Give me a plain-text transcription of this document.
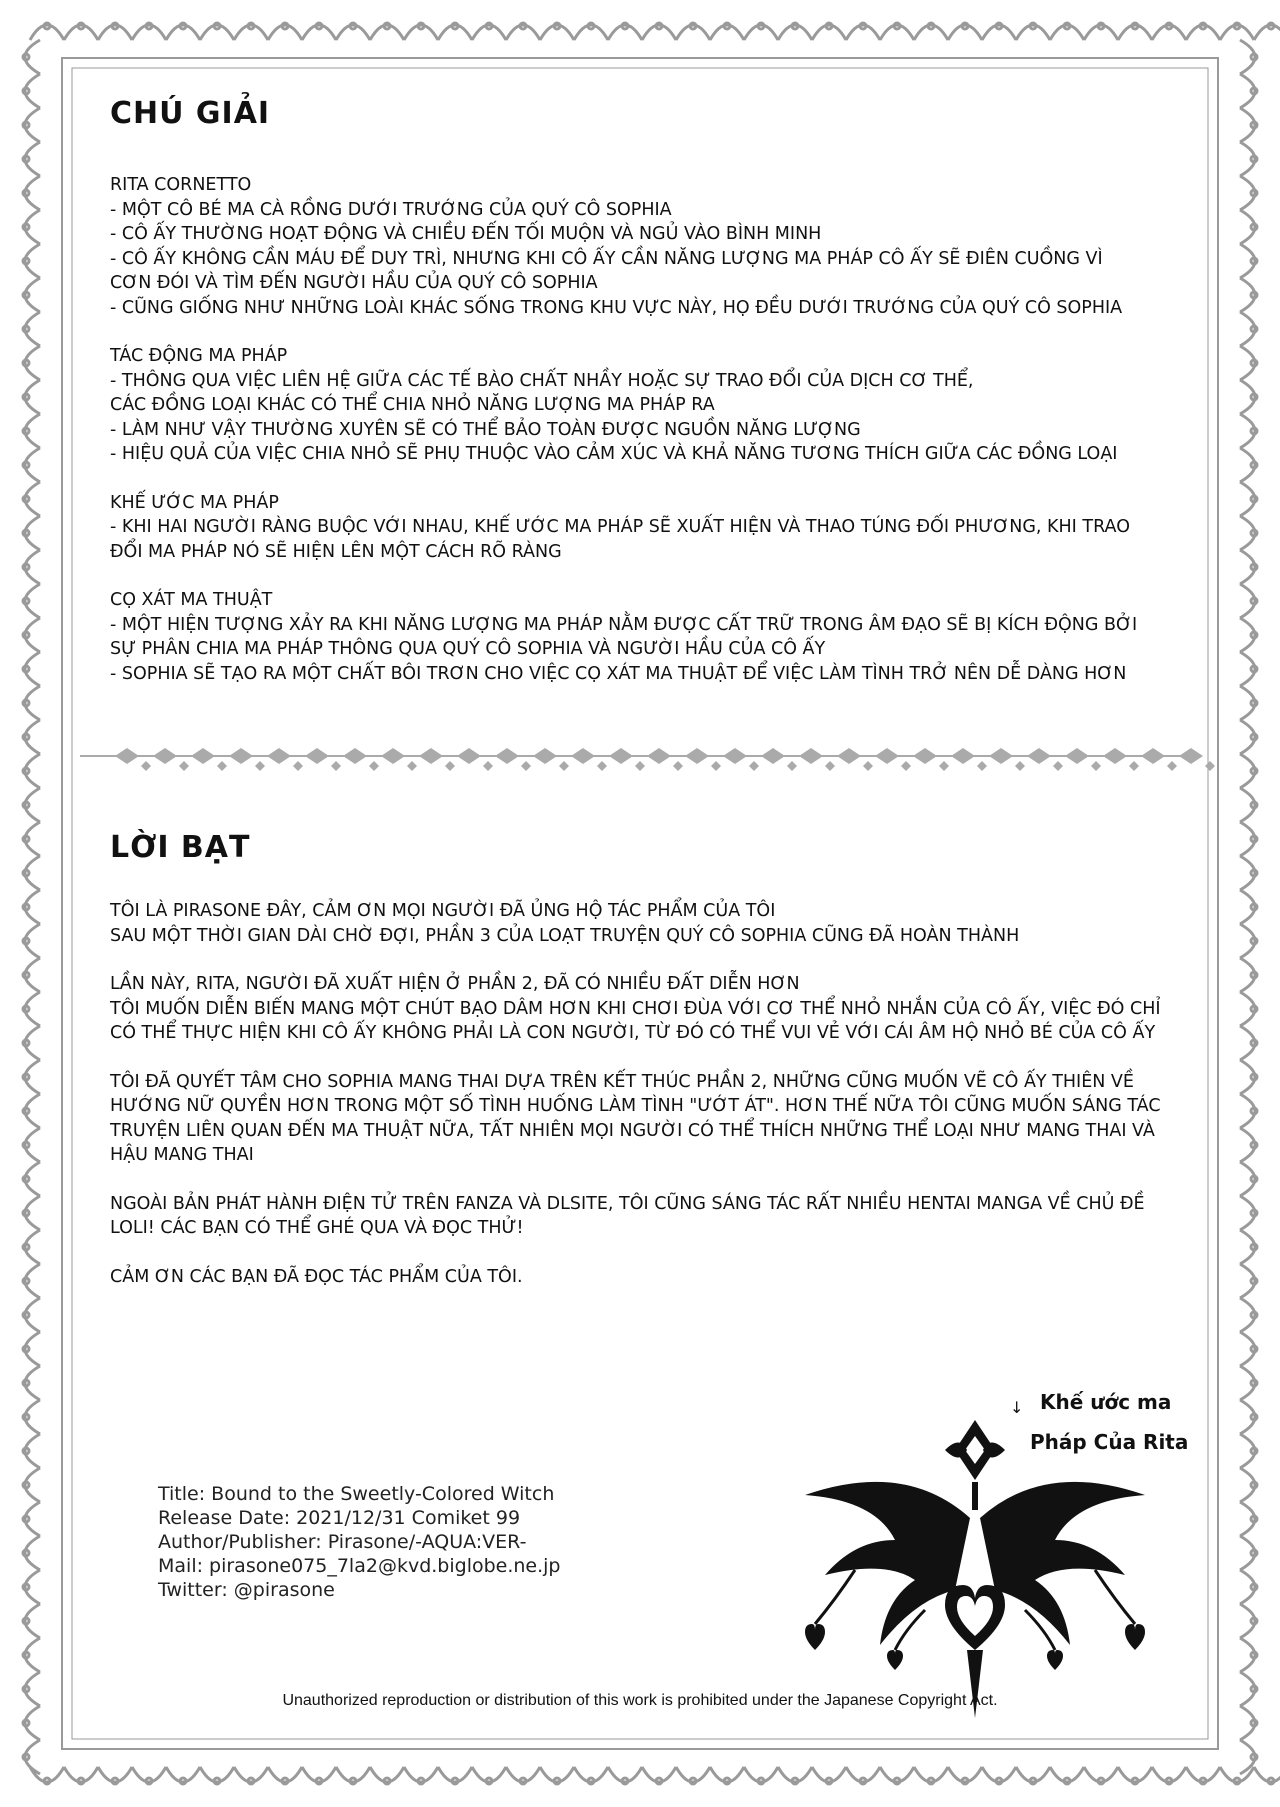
CHÚ GIẢI
RITA CORNETTO
- MỘT CÔ BÉ MA CÀ RỒNG DƯỚI TRƯỚNG CỦA QUÝ CÔ SOPHIA
- CÔ ẤY THƯỜNG HOẠT ĐỘNG VÀ CHIỀU ĐẾN TỐI MUỘN VÀ NGỦ VÀO BÌNH MINH
- CÔ ẤY KHÔNG CẦN MÁU ĐỂ DUY TRÌ, NHƯNG KHI CÔ ẤY CẦN NĂNG LƯỢNG MA PHÁP CÔ ẤY SẼ ĐIÊN CUỒNG VÌ
CƠN ĐÓI VÀ TÌM ĐẾN NGƯỜI HẦU CỦA QUÝ CÔ SOPHIA
- CŨNG GIỐNG NHƯ NHỮNG LOÀI KHÁC SỐNG TRONG KHU VỰC NÀY, HỌ ĐỀU DƯỚI TRƯỚNG CỦA QUÝ CÔ SOPHIA
TÁC ĐỘNG MA PHÁP
- THÔNG QUA VIỆC LIÊN HỆ GIỮA CÁC TẾ BÀO CHẤT NHẦY HOẶC SỰ TRAO ĐỔI CỦA DỊCH CƠ THỂ,
CÁC ĐỒNG LOẠI KHÁC CÓ THỂ CHIA NHỎ NĂNG LƯỢNG MA PHÁP RA
- LÀM NHƯ VẬY THƯỜNG XUYÊN SẼ CÓ THỂ BẢO TOÀN ĐƯỢC NGUỒN NĂNG LƯỢNG
- HIỆU QUẢ CỦA VIỆC CHIA NHỎ SẼ PHỤ THUỘC VÀO CẢM XÚC VÀ KHẢ NĂNG TƯƠNG THÍCH GIỮA CÁC ĐỒNG LOẠI
KHẾ ƯỚC MA PHÁP
- KHI HAI NGƯỜI RÀNG BUỘC VỚI NHAU, KHẾ ƯỚC MA PHÁP SẼ XUẤT HIỆN VÀ THAO TÚNG ĐỐI PHƯƠNG, KHI TRAO
ĐỔI MA PHÁP NÓ SẼ HIỆN LÊN MỘT CÁCH RÕ RÀNG
CỌ XÁT MA THUẬT
- MỘT HIỆN TƯỢNG XẢY RA KHI NĂNG LƯỢNG MA PHÁP NẰM ĐƯỢC CẤT TRỮ TRONG ÂM ĐẠO SẼ BỊ KÍCH ĐỘNG BỞI
SỰ PHÂN CHIA MA PHÁP THÔNG QUA QUÝ CÔ SOPHIA VÀ NGƯỜI HẦU CỦA CÔ ẤY
- SOPHIA SẼ TẠO RA MỘT CHẤT BÔI TRƠN CHO VIỆC CỌ XÁT MA THUẬT ĐỂ VIỆC LÀM TÌNH TRỞ NÊN DỄ DÀNG HƠN
LỜI BẠT
TÔI LÀ PIRASONE ĐÂY, CẢM ƠN MỌI NGƯỜI ĐÃ ỦNG HỘ TÁC PHẨM CỦA TÔI
SAU MỘT THỜI GIAN DÀI CHỜ ĐỢI, PHẦN 3 CỦA LOẠT TRUYỆN QUÝ CÔ SOPHIA CŨNG ĐÃ HOÀN THÀNH
LẦN NÀY, RITA, NGƯỜI ĐÃ XUẤT HIỆN Ở PHẦN 2, ĐÃ CÓ NHIỀU ĐẤT DIỄN HƠN
TÔI MUỐN DIỄN BIẾN MANG MỘT CHÚT BẠO DÂM HƠN KHI CHƠI ĐÙA VỚI CƠ THỂ NHỎ NHẮN CỦA CÔ ẤY, VIỆC ĐÓ CHỈ
CÓ THỂ THỰC HIỆN KHI CÔ ẤY KHÔNG PHẢI LÀ CON NGƯỜI, TỪ ĐÓ CÓ THỂ VUI VẺ VỚI CÁI ÂM HỘ NHỎ BÉ CỦA CÔ ẤY
TÔI ĐÃ QUYẾT TÂM CHO SOPHIA MANG THAI DỰA TRÊN KẾT THÚC PHẦN 2, NHỮNG CŨNG MUỐN VẼ CÔ ẤY THIÊN VỀ
HƯỚNG NỮ QUYỀN HƠN TRONG MỘT SỐ TÌNH HUỐNG LÀM TÌNH "ƯỚT ÁT". HƠN THẾ NỮA TÔI CŨNG MUỐN SÁNG TÁC
TRUYỆN LIÊN QUAN ĐẾN MA THUẬT NỮA, TẤT NHIÊN MỌI NGƯỜI CÓ THỂ THÍCH NHỮNG THỂ LOẠI NHƯ MANG THAI VÀ
HẬU MANG THAI
NGOÀI BẢN PHÁT HÀNH ĐIỆN TỬ TRÊN FANZA VÀ DLSITE, TÔI CŨNG SÁNG TÁC RẤT NHIỀU HENTAI MANGA VỀ CHỦ ĐỀ
LOLI! CÁC BẠN CÓ THỂ GHÉ QUA VÀ ĐỌC THỬ!
CẢM ƠN CÁC BẠN ĐÃ ĐỌC TÁC PHẨM CỦA TÔI.
↓ Khế ước ma
Pháp Của Rita
Title: Bound to the Sweetly-Colored Witch
Release Date: 2021/12/31 Comiket 99
Author/Publisher: Pirasone/-AQUA:VER-
Mail: pirasone075_7la2@kvd.biglobe.ne.jp
Twitter: @pirasone
Unauthorized reproduction or distribution of this work is prohibited under the Japanese Copyright Act.
